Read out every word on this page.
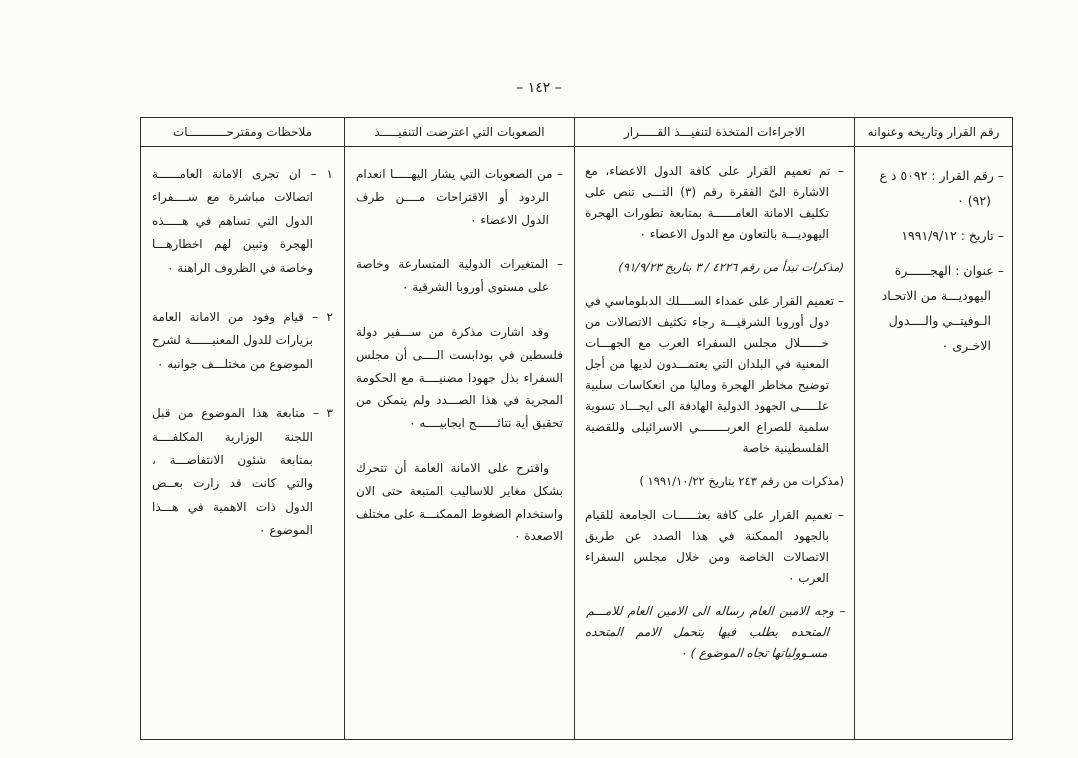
– ١٤٢ –
رقم القرار وتاريخه وعنوانه

– رقم القرار : ٥٠٩٢ د ع (٩٢) ٠

– تاريخ : ١٩٩١/٩/١٢

– عنوان : الهجــــــرة اليهوديـــة من الاتحـاد الـوفيتــي والــــدول الاخـرى ٠

الاجراءات المتخذة لتنفيـــذ القـــــرار

– تم تعميم القرار على كافة الدول الاعضاء، مع الاشارة الىّ الفقرة رقم (٣) التـــى تنص على تكليف الامانة العامــــــة بمتابعة تطورات الهجرة اليهوديـــة بالتعاون مع الدول الاعضاء ٠

(مذكرات تبدأ من رقم ٤٢٢٦ / ٣ بتاريخ ٩١/٩/٢٣)

– تعميم القرار على عمداء الســــلك الدبلوماسي في دول أوروبا الشرقيـــة رجاء تكثيف الاتصالات من خــــــلال مجلس السفراء العرب مع الجهـــات المعنية في البلدان التي يعتمـــدون لديها من أجل توضيح مخاطر الهجرة وماليا من انعكاسات سلبية علـــــى الجهود الدولية الهادفة الى ايجـــاد تسوية سلمية للصراع العربــــــــي الاسرائيلى وللقضية الفلسطينية خاصة

(مذكرات من رقم ٢٤٣ بتاريخ ١٩٩١/١٠/٢٢ )

– تعميم القرار على كافة بعثــــــات الجامعة للقيام بالجهود الممكنة في هذا الصدد عن طريق الاتصالات الخاصة ومن خلال مجلس السفراء العرب ٠

– وجه الامين العام رساله الى الامين العام للامـــم المتحده يطلب فيها يتحمل الامم المتحده مسـوولياتها تجاه الموضوع ) ٠

الصعوبات التي اعترضت التنفيـــــذ

– من الصعوبات التي يشار اليهـــــا انعدام الردود أو الاقتراحات مــــن طرف الدول الاعضاء ٠

– المتغيرات الدولية المتسارعة وخاصة على مستوى أوروبا الشرقية ٠

وقد اشارت مذكرة من ســـفير دولة فلسطين في بودابست الــــى أن مجلس السفراء بذل جهودا مضنيــــة مع الحكومة المجرية في هذا الصـــدد ولم يتمكن من تحقيق أية نتائــــــج ايجابيــــه ٠

واقترح على الامانة العامة أن تتحرك بشكل مغاير للاساليب المتبعة حتى الان واستخدام الضغوط الممكنـــة على مختلف الاصعدة ٠

ملاحظات ومقترحـــــــــــات

١ – ان تجرى الامانة العامــــــة اتصالات مباشرة مع ســــفراء الدول التي تساهم في هـــــذه الهجرة وتبين لهم اخطارهـــا وخاصة في الظروف الراهنة ٠

٢ – قيام وفود من الامانة العامة بزيارات للدول المعنيــــــة لشرح الموضوع من مختلـــف جوانبه ٠

٣ – متابعة هذا الموضوع من قبل اللجنة الوزارية المكلفــــة بمتابعة شئون الانتفاضـــة ، والتي كانت قد زارت بعــض الدول ذات الاهمية في هـــذا الموضوع ٠
